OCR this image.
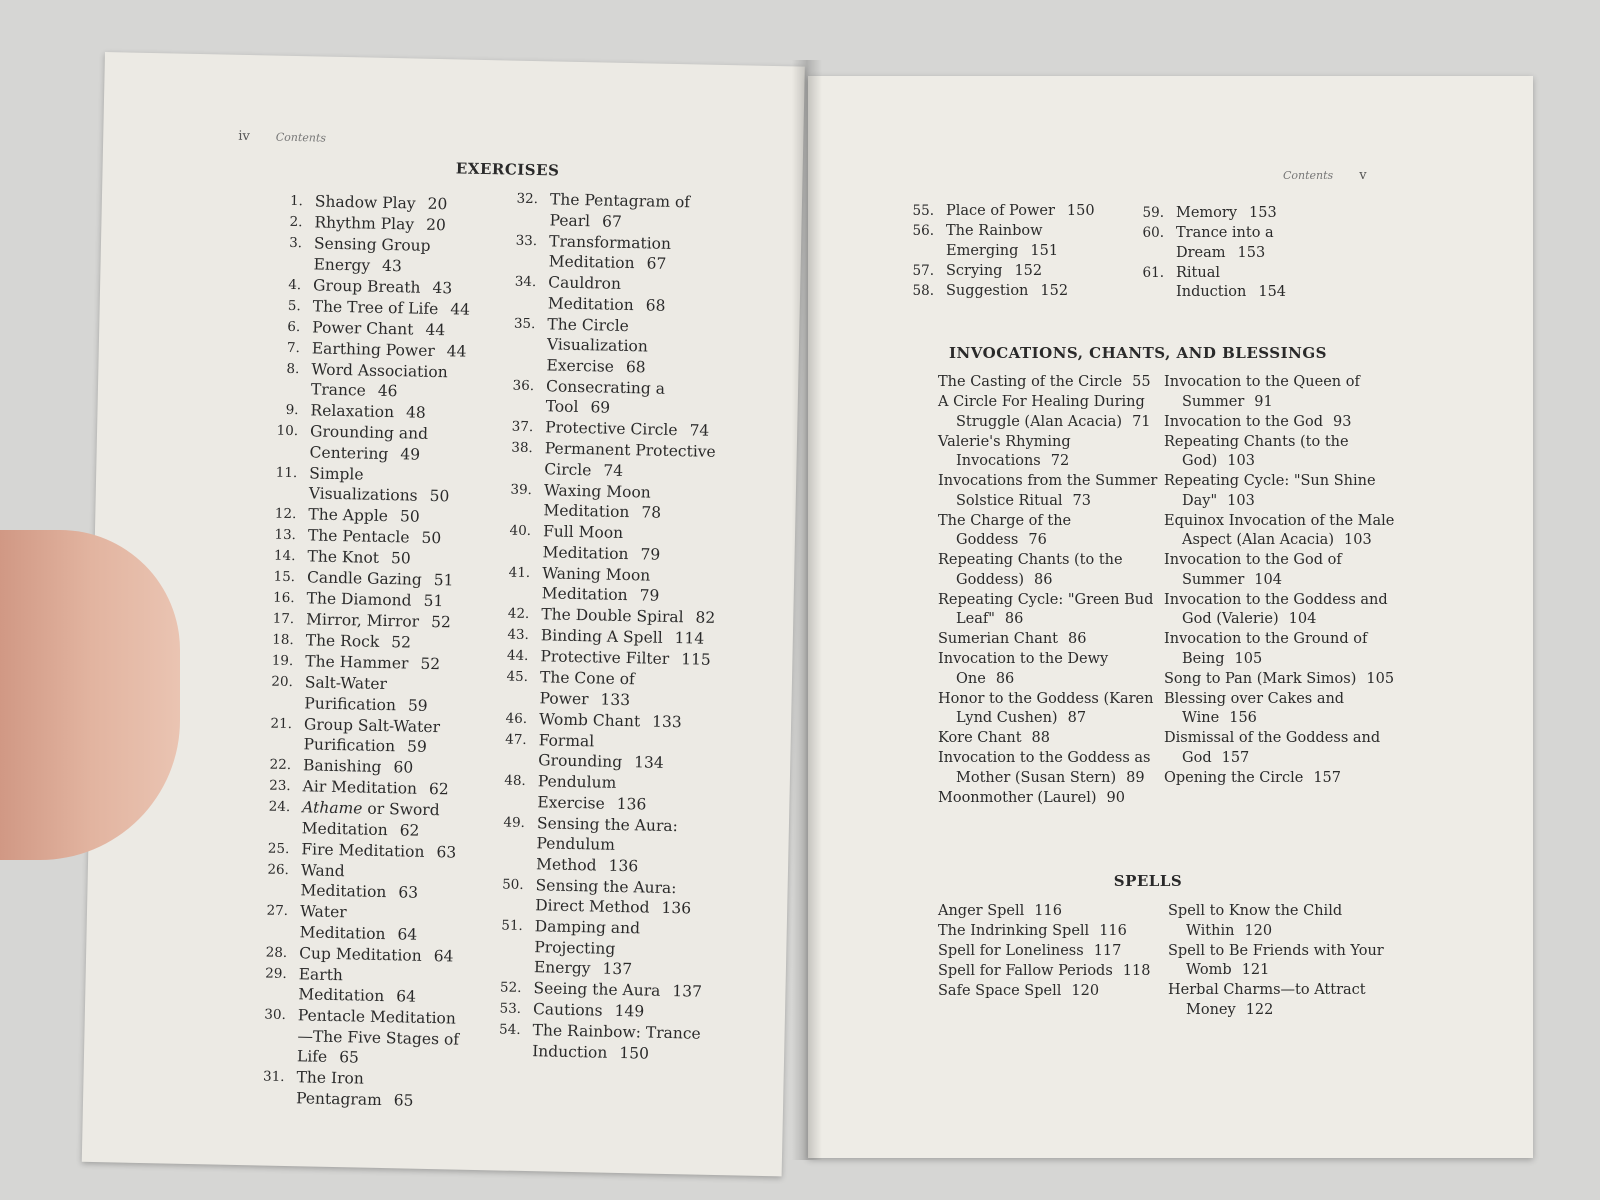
iv Contents
EXERCISES
1. Shadow Play 20
2. Rhythm Play 20
3. Sensing Group Energy 43
4. Group Breath 43
5. The Tree of Life 44
6. Power Chant 44
7. Earthing Power 44
8. Word Association Trance 46
9. Relaxation 48
10. Grounding and Centering 49
11. Simple Visualizations 50
12. The Apple 50
13. The Pentacle 50
14. The Knot 50
15. Candle Gazing 51
16. The Diamond 51
17. Mirror, Mirror 52
18. The Rock 52
19. The Hammer 52
20. Salt-Water Purification 59
21. Group Salt-Water Purification 59
22. Banishing 60
23. Air Meditation 62
24. Athame or Sword Meditation 62
25. Fire Meditation 63
26. Wand Meditation 63
27. Water Meditation 64
28. Cup Meditation 64
29. Earth Meditation 64
30. Pentacle Meditation—The Five Stages of Life 65
31. The Iron Pentagram 65
32. The Pentagram of Pearl 67
33. Transformation Meditation 67
34. Cauldron Meditation 68
35. The Circle Visualization Exercise 68
36. Consecrating a Tool 69
37. Protective Circle 74
38. Permanent Protective Circle 74
39. Waxing Moon Meditation 78
40. Full Moon Meditation 79
41. Waning Moon Meditation 79
42. The Double Spiral 82
43. Binding A Spell 114
44. Protective Filter 115
45. The Cone of Power 133
46. Womb Chant 133
47. Formal Grounding 134
48. Pendulum Exercise 136
49. Sensing the Aura: Pendulum Method 136
50. Sensing the Aura: Direct Method 136
51. Damping and Projecting Energy 137
52. Seeing the Aura 137
53. Cautions 149
54. The Rainbow: Trance Induction 150
Contents v
55. Place of Power 150
56. The Rainbow Emerging 151
57. Scrying 152
58. Suggestion 152
59. Memory 153
60. Trance into a Dream 153
61. Ritual Induction 154
INVOCATIONS, CHANTS, AND BLESSINGS
The Casting of the Circle 55
A Circle For Healing During Struggle (Alan Acacia) 71
Valerie's Rhyming Invocations 72
Invocations from the Summer Solstice Ritual 73
The Charge of the Goddess 76
Repeating Chants (to the Goddess) 86
Repeating Cycle: "Green Bud Leaf" 86
Sumerian Chant 86
Invocation to the Dewy One 86
Honor to the Goddess (Karen Lynd Cushen) 87
Kore Chant 88
Invocation to the Goddess as Mother (Susan Stern) 89
Moonmother (Laurel) 90
Invocation to the Queen of Summer 91
Invocation to the God 93
Repeating Chants (to the God) 103
Repeating Cycle: "Sun Shine Day" 103
Equinox Invocation of the Male Aspect (Alan Acacia) 103
Invocation to the God of Summer 104
Invocation to the Goddess and God (Valerie) 104
Invocation to the Ground of Being 105
Song to Pan (Mark Simos) 105
Blessing over Cakes and Wine 156
Dismissal of the Goddess and God 157
Opening the Circle 157
SPELLS
Anger Spell 116
The Indrinking Spell 116
Spell for Loneliness 117
Spell for Fallow Periods 118
Safe Space Spell 120
Spell to Know the Child Within 120
Spell to Be Friends with Your Womb 121
Herbal Charms—to Attract Money 122
